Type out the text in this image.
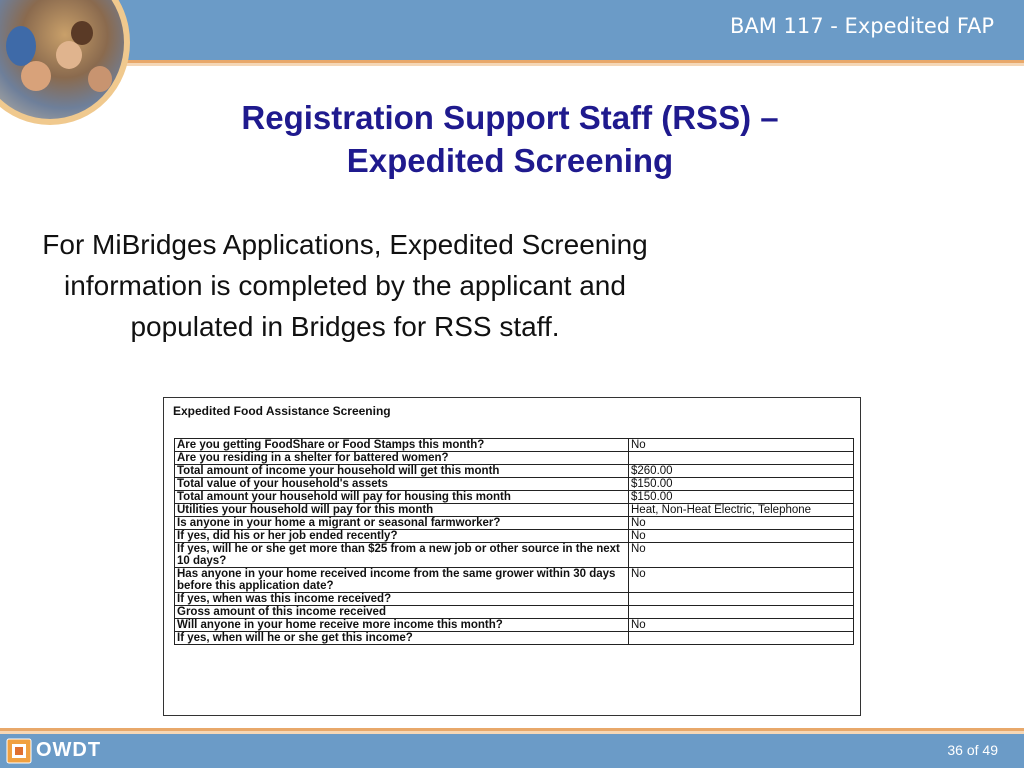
BAM 117 - Expedited FAP
Registration Support Staff (RSS) –
Expedited Screening
For MiBridges Applications, Expedited Screening information is completed by the applicant and populated in Bridges for RSS staff.
Expedited Food Assistance Screening
Are you getting FoodShare or Food Stamps this month?	No
Are you residing in a shelter for battered women?	
Total amount of income your household will get this month	$260.00
Total value of your household's assets	$150.00
Total amount your household will pay for housing this month	$150.00
Utilities your household will pay for this month	Heat, Non-Heat Electric, Telephone
Is anyone in your home a migrant or seasonal farmworker?	No
If yes, did his or her job ended recently?	No
If yes, will he or she get more than $25 from a new job or other source in the next 10 days?	No
Has anyone in your home received income from the same grower within 30 days before this application date?	No
If yes, when was this income received?	
Gross amount of this income received	
Will anyone in your home receive more income this month?	No
If yes, when will he or she get this income?	
OWDT	36 of 49
